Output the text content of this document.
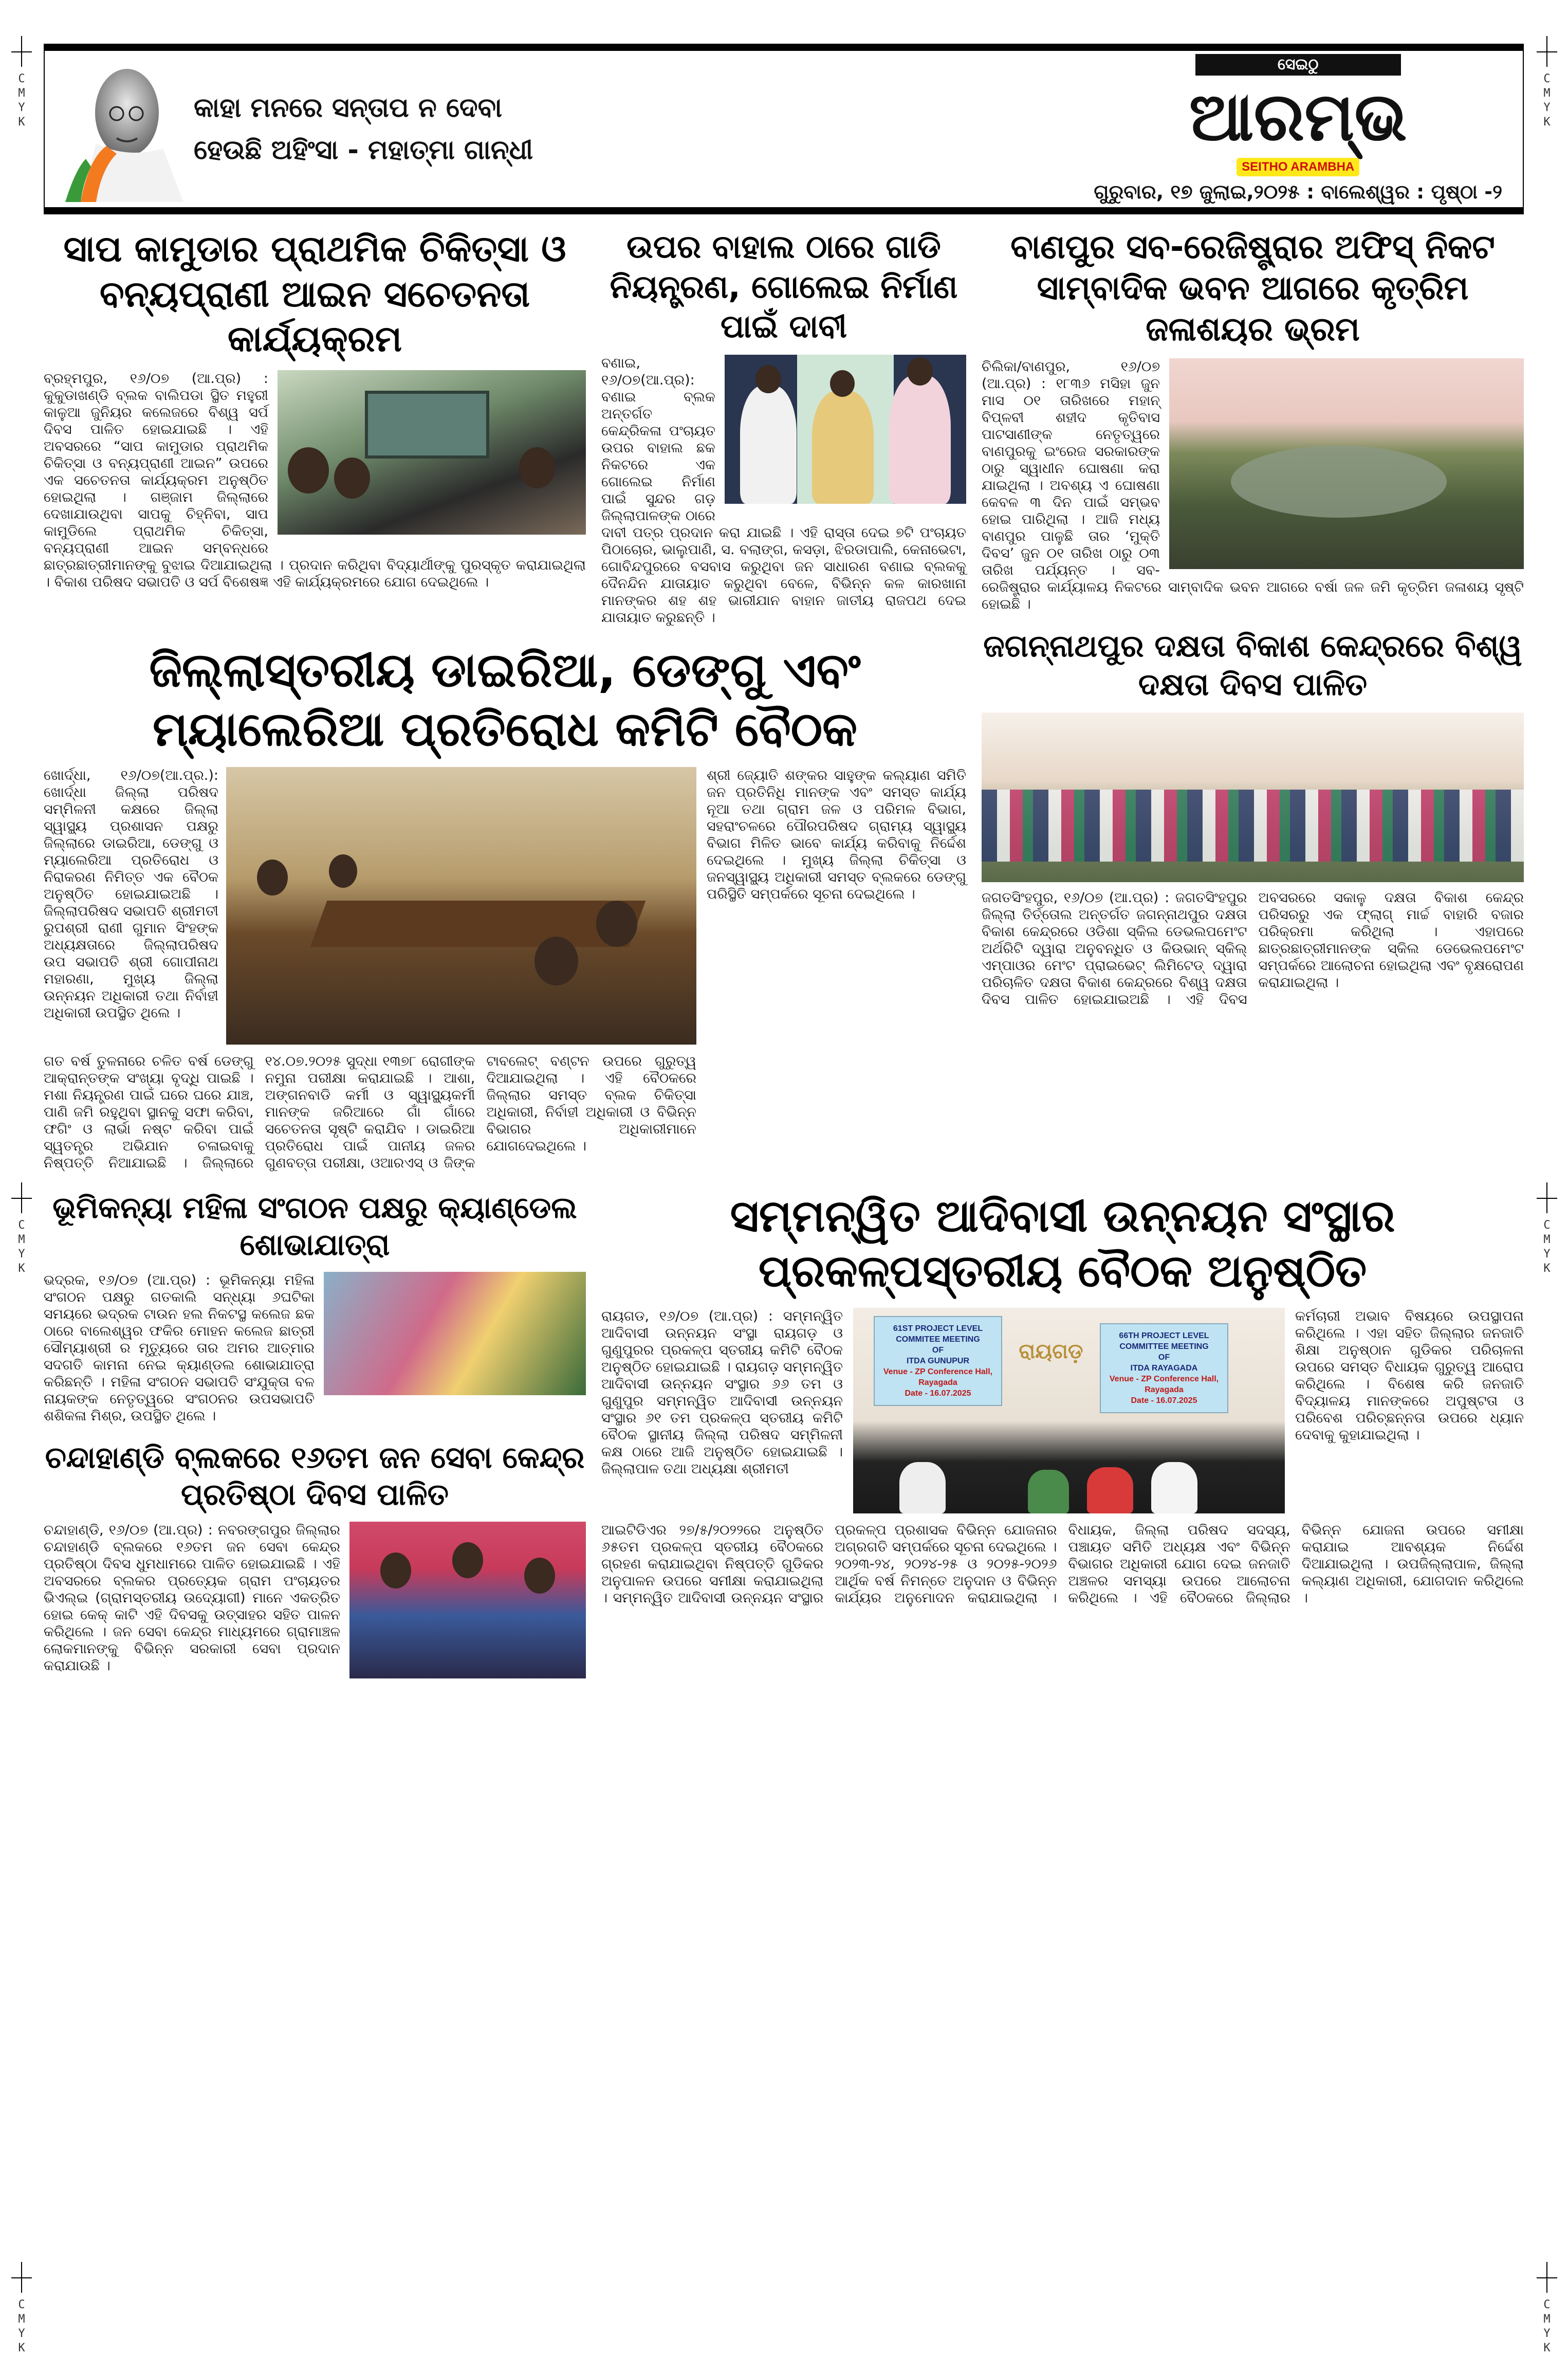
CMYK
CMYK
CMYK
CMYK
CMYK
CMYK
କାହା ମନରେ ସନ୍ତାପ ନ ଦେବା
ହେଉଛି ଅହିଂସା - ମହାତ୍ମା ଗାନ୍ଧୀ
ସେଇଠୁ
ଆରମ୍ଭ
SEITHO ARAMBHA
ଗୁରୁବାର, ୧୭ ଜୁଲାଇ,୨୦୨୫ : ବାଲେଶ୍ୱର : ପୃଷ୍ଠା -୨
ସାପ କାମୁଡାର ପ୍ରାଥମିକ ଚିକିତ୍ସା ଓ ବନ୍ୟପ୍ରାଣୀ ଆଇନ ସଚେତନତା କାର୍ଯ୍ୟକ୍ରମ

ବ୍ରହ୍ମପୁର, ୧୬/୦୭ (ଆ.ପ୍ର) : କୁକୁଡାଖଣ୍ଡି ବ୍ଲକ ବାଲିପଡା ସ୍ଥିତ ମହୁରୀ କାଳୁଆ ଜୁନିୟର କଲେଜରେ ବିଶ୍ୱ ସର୍ପ ଦିବସ ପାଳିତ ହୋଇଯାଇଛି । ଏହି ଅବସରରେ “ସାପ କାମୁଡାର ପ୍ରାଥମିକ ଚିକିତ୍ସା ଓ ବନ୍ୟପ୍ରାଣୀ ଆଇନ” ଉପରେ ଏକ ସଚେତନତା କାର୍ଯ୍ୟକ୍ରମ ଅନୁଷ୍ଠିତ ହୋଇଥିଲା । ଗଞ୍ଜାମ ଜିଲ୍ଲାରେ ଦେଖାଯାଉଥିବା ସାପକୁ ଚିହ୍ନିବା, ସାପ କାମୁଡିଲେ ପ୍ରାଥମିକ ଚିକିତ୍ସା, ବନ୍ୟପ୍ରାଣୀ ଆଇନ ସମ୍ବନ୍ଧରେ ଛାତ୍ରଛାତ୍ରୀମାନଙ୍କୁ ବୁଝାଇ ଦିଆଯାଇଥିଲା । ପ୍ରଦାନ କରିଥିବା ବିଦ୍ୟାର୍ଥୀଙ୍କୁ ପୁରସ୍କୃତ କରାଯାଇଥିଲା । ବିକାଶ ପରିଷଦ ସଭାପତି ଓ ସର୍ପ ବିଶେଷଜ୍ଞ ଏହି କାର୍ଯ୍ୟକ୍ରମରେ ଯୋଗ ଦେଇଥିଲେ ।

ଉପର ବାହାଲ ଠାରେ ଗାଡି ନିୟନ୍ତ୍ରଣ, ଗୋଲେଇ ନିର୍ମାଣ ପାଇଁ ଦାବୀ

ବଣାଇ, ୧୬/୦୭(ଆ.ପ୍ର): ବଣାଇ ବ୍ଲକ ଅନ୍ତର୍ଗତ କେନ୍ଦ୍ରିକଳା ପଂଚାୟତ ଉପର ବାହାଲ ଛକ ନିକଟରେ ଏକ ଗୋଲେଇ ନିର୍ମାଣ ପାଇଁ ସୁନ୍ଦର ଗଡ଼ ଜିଲ୍ଲାପାଳଙ୍କ ଠାରେ ଦାବୀ ପତ୍ର ପ୍ରଦାନ କରା ଯାଇଛି । ଏହି ରାସ୍ତା ଦେଇ ୭ଟି ପଂଚାୟତ ପିଠାଚୋର, ଭାଲୁପାଣି, ସ. ବଲାଙ୍ଗ, କସଡ଼ା, ଝିରଡାପାଲି, କେନାଭେଟା, ଗୋବିନ୍ଦପୁରରେ ବସବାସ କରୁଥିବା ଜନ ସାଧାରଣ ବଣାଇ ବ୍ଲକକୁ ଦୈନନ୍ଦିନ ଯାତାୟାତ କରୁଥିବା ବେଳେ, ବିଭିନ୍ନ କଳ କାରଖାନା ମାନଙ୍କର ଶହ ଶହ ଭାରୀଯାନ ବାହାନ ଜାତୀୟ ରାଜପଥ ଦେଇ ଯାତାୟାତ କରୁଛନ୍ତି ।

ଜିଲ୍ଲାସ୍ତରୀୟ ଡାଇରିଆ, ଡେଙ୍ଗୁ ଏବଂ ମ୍ୟାଲେରିଆ ପ୍ରତିରୋଧ କମିଟି ବୈଠକ
ଖୋର୍ଦ୍ଧା, ୧୬/୦୭(ଆ.ପ୍ର.): ଖୋର୍ଦ୍ଧା ଜିଲ୍ଲା ପରିଷଦ ସମ୍ମିଳନୀ କକ୍ଷରେ ଜିଲ୍ଲା ସ୍ୱାସ୍ଥ୍ୟ ପ୍ରଶାସନ ପକ୍ଷରୁ ଜିଲ୍ଲାରେ ଡାଇରିଆ, ଡେଙ୍ଗୁ ଓ ମ୍ୟାଲେରିଆ ପ୍ରତିରୋଧ ଓ ନିରାକରଣ ନିମିତ୍ତ ଏକ ବୈଠକ ଅନୁଷ୍ଠିତ ହୋଇଯାଇଅଛି । ଜିଲ୍ଲାପରିଷଦ ସଭାପତି ଶ୍ରୀମତୀ ରୁପଶ୍ରୀ ରାଣୀ ଗୁମାନ ସିଂହଙ୍କ ଅଧ୍ୟକ୍ଷତାରେ ଜିଲ୍ଲାପରିଷଦ ଉପ ସଭାପତି ଶ୍ରୀ ଗୋପୀନାଥ ମହାରଣା, ମୁଖ୍ୟ ଜିଲ୍ଲା ଉନ୍ନୟନ ଅଧିକାରୀ ତଥା ନିର୍ବାହୀ ଅଧିକାରୀ ଉପସ୍ଥିତ ଥିଲେ ।
ଗତ ବର୍ଷ ତୁଳନାରେ ଚଳିତ ବର୍ଷ ଡେଙ୍ଗୁ ଆକ୍ରାନ୍ତଙ୍କ ସଂଖ୍ୟା ବୃଦ୍ଧି ପାଇଛି । ମଶା ନିୟନ୍ତ୍ରଣ ପାଇଁ ଘରେ ଘରେ ଯାଞ୍ଚ, ପାଣି ଜମି ରହୁଥିବା ସ୍ଥାନକୁ ସଫା କରିବା, ଫଗିଂ ଓ ଲାର୍ଭା ନଷ୍ଟ କରିବା ପାଇଁ ସ୍ୱତନ୍ତ୍ର ଅଭିଯାନ ଚଳାଇବାକୁ ନିଷ୍ପତ୍ତି ନିଆଯାଇଛି । ଜିଲ୍ଲାରେ ୧୪.୦୭.୨୦୨୫ ସୁଦ୍ଧା ୧୩୭୮ ରୋଗୀଙ୍କ ନମୁନା ପରୀକ୍ଷା କରାଯାଇଛି । ଆଶା, ଅଙ୍ଗନବାଡି କର୍ମୀ ଓ ସ୍ୱାସ୍ଥ୍ୟକର୍ମୀ ମାନଙ୍କ ଜରିଆରେ ଗାଁ ଗାଁରେ ସଚେତନତା ସୃଷ୍ଟି କରାଯିବ । ଡାଇରିଆ ପ୍ରତିରୋଧ ପାଇଁ ପାନୀୟ ଜଳର ଗୁଣବତ୍ତା ପରୀକ୍ଷା, ଓଆରଏସ୍ ଓ ଜିଙ୍କ ଟାବଲେଟ୍ ବଣ୍ଟନ ଉପରେ ଗୁରୁତ୍ୱ ଦିଆଯାଇଥିଲା । ଏହି ବୈଠକରେ ଜିଲ୍ଲାର ସମସ୍ତ ବ୍ଲକ ଚିକିତ୍ସା ଅଧିକାରୀ, ନିର୍ବାହୀ ଅଧିକାରୀ ଓ ବିଭିନ୍ନ ବିଭାଗର ଅଧିକାରୀମାନେ ଯୋଗଦେଇଥିଲେ ।
ଶ୍ରୀ ଜ୍ୟୋତି ଶଙ୍କର ସାହୁଙ୍କ କଲ୍ୟାଣ ସମିତି ଜନ ପ୍ରତିନିଧି ମାନଙ୍କ ଏବଂ ସମସ୍ତ କାର୍ଯ୍ୟ ନୂଆ ତଥା ଗ୍ରାମ ଜଳ ଓ ପରିମଳ ବିଭାଗ, ସହରାଂଚଳରେ ପୌରପରିଷଦ ଗ୍ରାମ୍ୟ ସ୍ୱାସ୍ଥ୍ୟ ବିଭାଗ ମିଳିତ ଭାବେ କାର୍ଯ୍ୟ କରିବାକୁ ନିର୍ଦ୍ଦେଶ ଦେଇଥିଲେ । ମୁଖ୍ୟ ଜିଲ୍ଲା ଚିକିତ୍ସା ଓ ଜନସ୍ୱାସ୍ଥ୍ୟ ଅଧିକାରୀ ସମସ୍ତ ବ୍ଲକରେ ଡେଙ୍ଗୁ ପରିସ୍ଥିତି ସମ୍ପର୍କରେ ସୂଚନା ଦେଇଥିଲେ ।
ବାଣପୁର ସବ-ରେଜିଷ୍ଟ୍ରାର ଅଫିସ୍ ନିକଟ ସାମ୍ବାଦିକ ଭବନ ଆଗରେ କୃତ୍ରିମ ଜଳାଶୟର ଭ୍ରମ

ଚିଲିକା/ବାଣପୁର, ୧୬/୦୭ (ଆ.ପ୍ର) : ୧୮୩୬ ମସିହା ଜୁନ ମାସ ୦୧ ତାରିଖରେ ମହାନ୍ ବିପ୍ଳବୀ ଶହୀଦ କୃତିବାସ ପାଟସାଣୀଙ୍କ ନେତୃତ୍ୱରେ ବାଣପୁରକୁ ଇଂରେଜ ସରକାରଙ୍କ ଠାରୁ ସ୍ୱାଧୀନ ଘୋଷଣା କରା ଯାଇଥିଲା । ଅବଶ୍ୟ ଏ ଘୋଷଣା କେବଳ ୩ ଦିନ ପାଇଁ ସମ୍ଭବ ହୋଇ ପାରିଥିଲା । ଆଜି ମଧ୍ୟ ବାଣପୁର ପାଳୁଛି ତାର ‘ମୁକ୍ତି ଦିବସ’ ଜୁନ ୦୧ ତାରିଖ ଠାରୁ ୦୩ ତାରିଖ ପର୍ଯ୍ୟନ୍ତ । ସବ-ରେଜିଷ୍ଟ୍ରାର କାର୍ଯ୍ୟାଳୟ ନିକଟରେ ସାମ୍ବାଦିକ ଭବନ ଆଗରେ ବର୍ଷା ଜଳ ଜମି କୃତ୍ରିମ ଜଳାଶୟ ସୃଷ୍ଟି ହୋଇଛି ।

ଜଗନ୍ନାଥପୁର ଦକ୍ଷତା ବିକାଶ କେନ୍ଦ୍ରରେ ବିଶ୍ୱ ଦକ୍ଷତା ଦିବସ ପାଳିତ
ଜଗତସିଂହପୁର, ୧୬/୦୭ (ଆ.ପ୍ର) : ଜଗତସିଂହପୁର ଜିଲ୍ଲା ତିର୍ତ୍ତୋଲ ଅନ୍ତର୍ଗତ ଜଗନ୍ନାଥପୁର ଦକ୍ଷତା ବିକାଶ କେନ୍ଦ୍ରରେ ଓଡିଶା ସ୍କିଲ ଡେଭଲପମେଂଟ ଅର୍ଥରିଟି ଦ୍ୱାରା ଅନୁବନ୍ଧିତ ଓ କିଉଭାନ୍ ସ୍କିଲ୍ ଏମ୍ପାଓର ମେଂଟ ପ୍ରାଇଭେଟ୍ ଲିମିଟେଡ୍ ଦ୍ୱାରା ପରିଚାଳିତ ଦକ୍ଷତା ବିକାଶ କେନ୍ଦ୍ରରେ ବିଶ୍ୱ ଦକ୍ଷତା ଦିବସ ପାଳିତ ହୋଇଯାଇଅଛି । ଏହି ଦିବସ ଅବସରରେ ସକାଳୁ ଦକ୍ଷତା ବିକାଶ କେନ୍ଦ୍ର ପରିସରରୁ ଏକ ଫ୍ଲାଗ୍ ମାର୍ଚ୍ଚ ବାହାରି ବଜାର ପରିକ୍ରମା କରିଥିଲା । ଏହାପରେ ଛାତ୍ରଛାତ୍ରୀମାନଙ୍କ ସ୍କିଲ ଡେଭେଲପମେଂଟ ସମ୍ପର୍କରେ ଆଲୋଚନା ହୋଇଥିଲା ଏବଂ ବୃକ୍ଷରୋପଣ କରାଯାଇଥିଲା ।
ଭୂମିକନ୍ୟା ମହିଳା ସଂଗଠନ ପକ୍ଷରୁ କ୍ୟାଣ୍ଡେଲ ଶୋଭାଯାତ୍ରା

ଭଦ୍ରକ, ୧୬/୦୭ (ଆ.ପ୍ର) : ଭୂମିକନ୍ୟା ମହିଳା ସଂଗଠନ ପକ୍ଷରୁ ଗତକାଲି ସନ୍ଧ୍ୟା ୬ଘଟିକା ସମୟରେ ଭଦ୍ରକ ଟାଉନ ହଲ ନିକଟସ୍ଥ କଲେଜ ଛକ ଠାରେ ବାଲେଶ୍ୱର ଫକିର ମୋହନ କଲେଜ ଛାତ୍ରୀ ସୌମ୍ୟାଶ୍ରୀ ର ମୃତ୍ୟୁରେ ତାର ଅମର ଆତ୍ମାର ସଦଗତି କାମନା ନେଇ କ୍ୟାଣ୍ଡଲ ଶୋଭାଯାତ୍ରା କରିଛନ୍ତି । ମହିଳା ସଂଗଠନ ସଭାପତି ସଂଯୁକ୍ତା ବଳ ନାୟକଙ୍କ ନେତୃତ୍ୱରେ ସଂଗଠନର ଉପସଭାପତି ଶଶିକଳା ମିଶ୍ର, ଉପସ୍ଥିତ ଥିଲେ ।

ଚନ୍ଦାହାଣ୍ଡି ବ୍ଲକରେ ୧୬ତମ ଜନ ସେବା କେନ୍ଦ୍ର ପ୍ରତିଷ୍ଠା ଦିବସ ପାଳିତ

ଚନ୍ଦାହାଣ୍ଡି, ୧୬/୦୭ (ଆ.ପ୍ର) : ନବରଙ୍ଗପୁର ଜିଲ୍ଲାର ଚନ୍ଦାହାଣ୍ଡି ବ୍ଲକରେ ୧୬ତମ ଜନ ସେବା କେନ୍ଦ୍ର ପ୍ରତିଷ୍ଠା ଦିବସ ଧୁମଧାମରେ ପାଳିତ ହୋଇଯାଇଛି । ଏହି ଅବସରରେ ବ୍ଲକର ପ୍ରତ୍ୟେକ ଗ୍ରାମ ପଂଚାୟତର ଭିଏଲ୍ଇ (ଗ୍ରାମସ୍ତରୀୟ ଉଦ୍ୟୋଗୀ) ମାନେ ଏକତ୍ରିତ ହୋଇ କେକ୍ କାଟି ଏହି ଦିବସକୁ ଉତ୍ସାହର ସହିତ ପାଳନ କରିଥିଲେ । ଜନ ସେବା କେନ୍ଦ୍ର ମାଧ୍ୟମରେ ଗ୍ରାମାଞ୍ଚଳ ଲୋକମାନଙ୍କୁ ବିଭିନ୍ନ ସରକାରୀ ସେବା ପ୍ରଦାନ କରାଯାଉଛି ।

ସମ୍ମନ୍ୱିତ ଆଦିବାସୀ ଉନ୍ନୟନ ସଂସ୍ଥାର ପ୍ରକଳ୍ପସ୍ତରୀୟ ବୈଠକ ଅନୁଷ୍ଠିତ
ରାୟଗଡ, ୧୬/୦୭ (ଆ.ପ୍ର) : ସମ୍ମନ୍ୱିତ ଆଦିବାସୀ ଉନ୍ନୟନ ସଂସ୍ଥା ରାୟଗଡ଼ ଓ ଗୁଣୁପୁରର ପ୍ରକଳ୍ପ ସ୍ତରୀୟ କମିଟି ବୈଠକ ଅନୁଷ୍ଠିତ ହୋଇଯାଇଛି । ରାୟଗଡ଼ ସମ୍ମନ୍ୱିତ ଆଦିବାସୀ ଉନ୍ନୟନ ସଂସ୍ଥାର ୬୬ ତମ ଓ ଗୁଣୁପୁର ସମ୍ମନ୍ୱିତ ଆଦିବାସୀ ଉନ୍ନୟନ ସଂସ୍ଥାର ୬୧ ତମ ପ୍ରକଳ୍ପ ସ୍ତରୀୟ କମିଟି ବୈଠକ ସ୍ଥାନୀୟ ଜିଲ୍ଲା ପରିଷଦ ସମ୍ମିଳନୀ କକ୍ଷ ଠାରେ ଆଜି ଅନୁଷ୍ଠିତ ହୋଇଯାଇଛି । ଜିଲ୍ଲାପାଳ ତଥା ଅଧ୍ୟକ୍ଷା ଶ୍ରୀମତୀ
61ST PROJECT LEVEL COMMITEE MEETING
OF
ITDA GUNUPUR
Venue - ZP Conference Hall, Rayagada
Date - 16.07.2025
ରାୟଗଡ଼
66TH PROJECT LEVEL COMMITTEE MEETING
OF
ITDA RAYAGADA
Venue - ZP Conference Hall, Rayagada
Date - 16.07.2025
କର୍ମଚାରୀ ଅଭାବ ବିଷୟରେ ଉପସ୍ଥାପନା କରିଥିଲେ । ଏହା ସହିତ ଜିଲ୍ଲାର ଜନଜାତି ଶିକ୍ଷା ଅନୁଷ୍ଠାନ ଗୁଡିକର ପରିଚାଳନା ଉପରେ ସମସ୍ତ ବିଧାୟକ ଗୁରୁତ୍ୱ ଆରୋପ କରିଥିଲେ । ବିଶେଷ କରି ଜନଜାତି ବିଦ୍ୟାଳୟ ମାନଙ୍କରେ ଅପୁଷ୍ଟତା ଓ ପରିବେଶ ପରିଚ୍ଛନ୍ନତା ଉପରେ ଧ୍ୟାନ ଦେବାକୁ କୁହାଯାଇଥିଲା ।
ଆଇଟିଡିଏର ୨୭/୫/୨୦୨୨ରେ ଅନୁଷ୍ଠିତ ୬୫ତମ ପ୍ରକଳ୍ପ ସ୍ତରୀୟ ବୈଠକରେ ଗ୍ରହଣ କରାଯାଇଥିବା ନିଷ୍ପତ୍ତି ଗୁଡିକର ଅନୁପାଳନ ଉପରେ ସମୀକ୍ଷା କରାଯାଇଥିଲା । ସମ୍ମନ୍ୱିତ ଆଦିବାସୀ ଉନ୍ନୟନ ସଂସ୍ଥାର ପ୍ରକଳ୍ପ ପ୍ରଶାସକ ବିଭିନ୍ନ ଯୋଜନାର ଅଗ୍ରଗତି ସମ୍ପର୍କରେ ସୂଚନା ଦେଇଥିଲେ । ୨୦୨୩-୨୪, ୨୦୨୪-୨୫ ଓ ୨୦୨୫-୨୦୨୬ ଆର୍ଥିକ ବର୍ଷ ନିମନ୍ତେ ଅନୁଦାନ ଓ ବିଭିନ୍ନ କାର୍ଯ୍ୟର ଅନୁମୋଦନ କରାଯାଇଥିଲା । ବିଧାୟକ, ଜିଲ୍ଲା ପରିଷଦ ସଦସ୍ୟ, ପଞ୍ଚାୟତ ସମିତି ଅଧ୍ୟକ୍ଷ ଏବଂ ବିଭିନ୍ନ ବିଭାଗର ଅଧିକାରୀ ଯୋଗ ଦେଇ ଜନଜାତି ଅଞ୍ଚଳର ସମସ୍ୟା ଉପରେ ଆଲୋଚନା କରିଥିଲେ । ଏହି ବୈଠକରେ ଜିଲ୍ଲାର ବିଭିନ୍ନ ଯୋଜନା ଉପରେ ସମୀକ୍ଷା କରାଯାଇ ଆବଶ୍ୟକ ନିର୍ଦ୍ଦେଶ ଦିଆଯାଇଥିଲା । ଉପଜିଲ୍ଲାପାଳ, ଜିଲ୍ଲା କଲ୍ୟାଣ ଅଧିକାରୀ, ଯୋଗଦାନ କରିଥିଲେ ।
